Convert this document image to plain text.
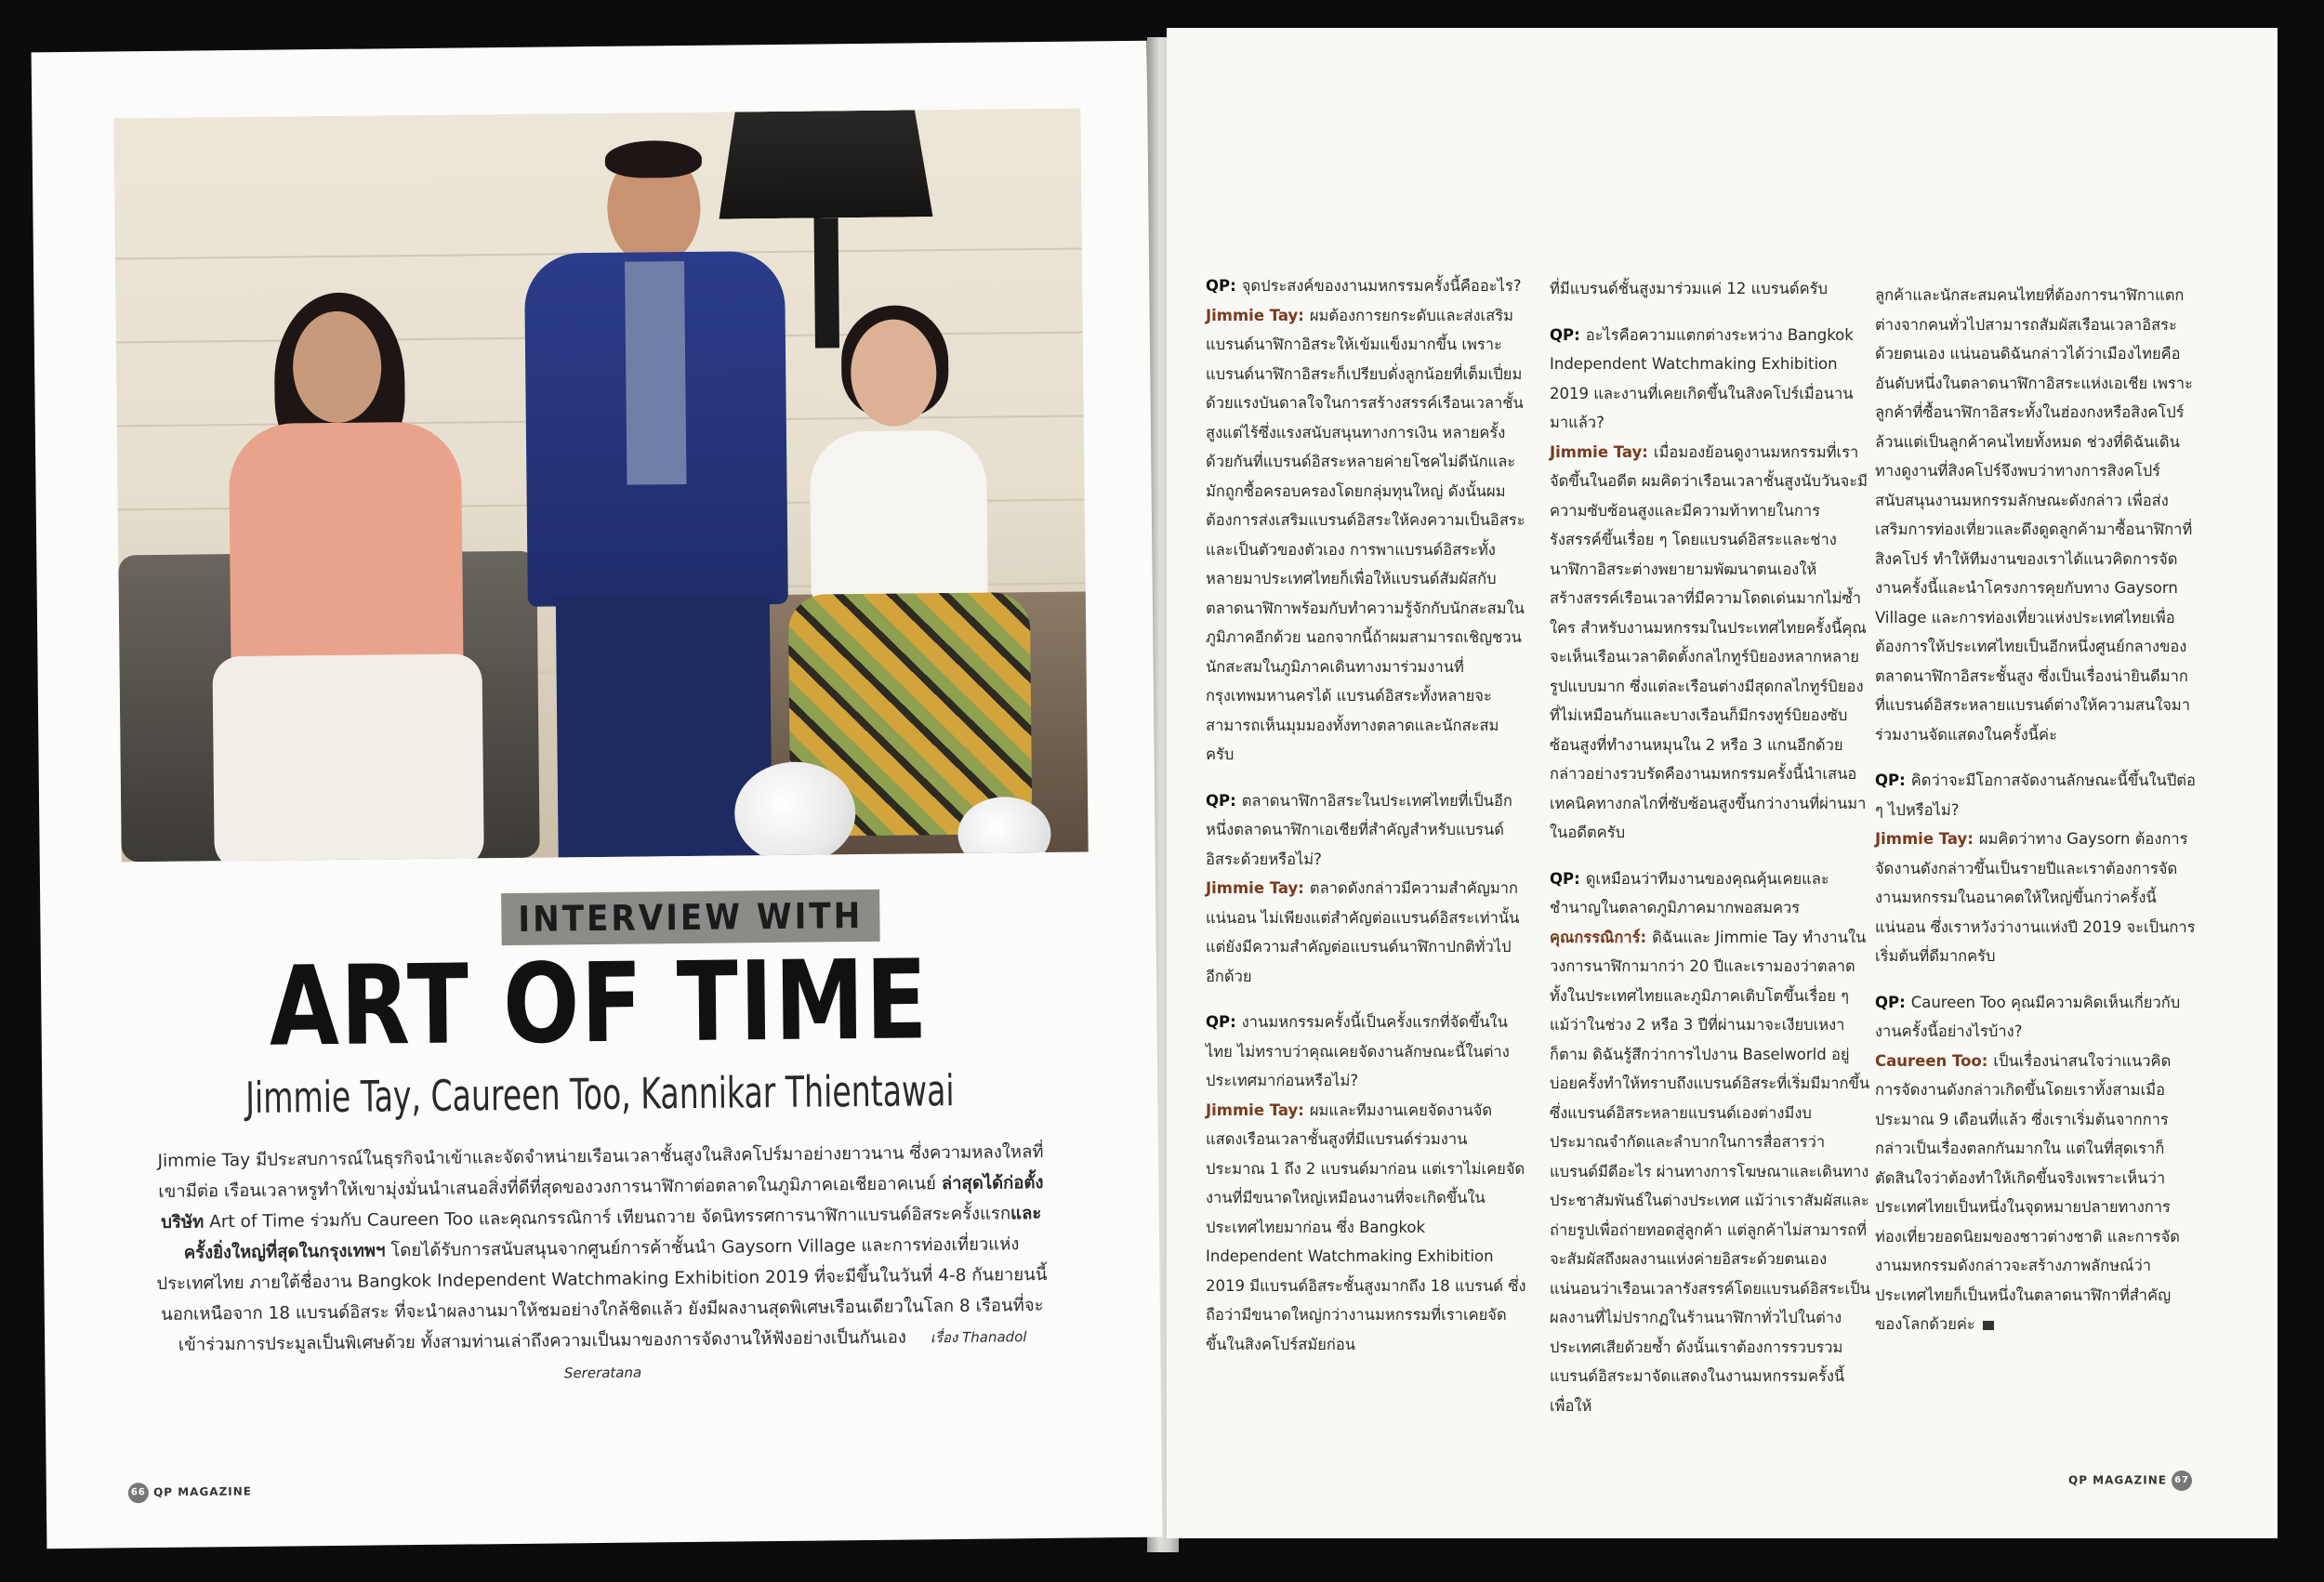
INTERVIEW WITH
ART OF TIME
Jimmie Tay, Caureen Too, Kannikar Thientawai
Jimmie Tay มีประสบการณ์ในธุรกิจนำเข้าและจัดจำหน่ายเรือนเวลาชั้นสูงในสิงคโปร์มาอย่างยาวนาน ซึ่งความหลงใหลที่เขามีต่อ เรือนเวลาหรูทำให้เขามุ่งมั่นนำเสนอสิ่งที่ดีที่สุดของวงการนาฬิกาต่อตลาดในภูมิภาคเอเชียอาคเนย์ ล่าสุดได้ก่อตั้งบริษัท Art of Time ร่วมกับ Caureen Too และคุณกรรณิการ์ เทียนถวาย จัดนิทรรศการนาฬิกาแบรนด์อิสระครั้งแรกและครั้งยิ่งใหญ่ที่สุดในกรุงเทพฯ โดยได้รับการสนับสนุนจากศูนย์การค้าชั้นนำ Gaysorn Village และการท่องเที่ยวแห่งประเทศไทย ภายใต้ชื่องาน Bangkok Independent Watchmaking Exhibition 2019 ที่จะมีขึ้นในวันที่ 4-8 กันยายนนี้ นอกเหนือจาก 18 แบรนด์อิสระ ที่จะนำผลงานมาให้ชมอย่างใกล้ชิดแล้ว ยังมีผลงานสุดพิเศษเรือนเดียวในโลก 8 เรือนที่จะเข้าร่วมการประมูลเป็นพิเศษด้วย ทั้งสามท่านเล่าถึงความเป็นมาของการจัดงานให้ฟังอย่างเป็นกันเอง เรื่อง Thanadol Sereratana
66 QP MAGAZINE
QP: จุดประสงค์ของงานมหกรรมครั้งนี้คืออะไร?
Jimmie Tay: ผมต้องการยกระดับและส่งเสริมแบรนด์นาฬิกาอิสระให้เข้มแข็งมากขึ้น เพราะแบรนด์นาฬิกาอิสระก็เปรียบดั่งลูกน้อยที่เต็มเปี่ยมด้วยแรงบันดาลใจในการสร้างสรรค์เรือนเวลาชั้นสูงแต่ไร้ซึ่งแรงสนับสนุนทางการเงิน หลายครั้งด้วยกันที่แบรนด์อิสระหลายค่ายโชคไม่ดีนักและมักถูกซื้อครอบครองโดยกลุ่มทุนใหญ่ ดังนั้นผมต้องการส่งเสริมแบรนด์อิสระให้คงความเป็นอิสระและเป็นตัวของตัวเอง การพาแบรนด์อิสระทั้งหลายมาประเทศไทยก็เพื่อให้แบรนด์สัมผัสกับตลาดนาฬิกาพร้อมกับทำความรู้จักกับนักสะสมในภูมิภาคอีกด้วย นอกจากนี้ถ้าผมสามารถเชิญชวนนักสะสมในภูมิภาคเดินทางมาร่วมงานที่กรุงเทพมหานครได้ แบรนด์อิสระทั้งหลายจะสามารถเห็นมุมมองทั้งทางตลาดและนักสะสมครับ
QP: ตลาดนาฬิกาอิสระในประเทศไทยที่เป็นอีกหนึ่งตลาดนาฬิกาเอเชียที่สำคัญสำหรับแบรนด์อิสระด้วยหรือไม่?
Jimmie Tay: ตลาดดังกล่าวมีความสำคัญมากแน่นอน ไม่เพียงแต่สำคัญต่อแบรนด์อิสระเท่านั้น แต่ยังมีความสำคัญต่อแบรนด์นาฬิกาปกติทั่วไปอีกด้วย
QP: งานมหกรรมครั้งนี้เป็นครั้งแรกที่จัดขึ้นในไทย ไม่ทราบว่าคุณเคยจัดงานลักษณะนี้ในต่างประเทศมาก่อนหรือไม่?
Jimmie Tay: ผมและทีมงานเคยจัดงานจัดแสดงเรือนเวลาชั้นสูงที่มีแบรนด์ร่วมงานประมาณ 1 ถึง 2 แบรนด์มาก่อน แต่เราไม่เคยจัดงานที่มีขนาดใหญ่เหมือนงานที่จะเกิดขึ้นในประเทศไทยมาก่อน ซึ่ง Bangkok Independent Watchmaking Exhibition 2019 มีแบรนด์อิสระชั้นสูงมากถึง 18 แบรนด์ ซึ่งถือว่ามีขนาดใหญ่กว่างานมหกรรมที่เราเคยจัดขึ้นในสิงคโปร์สมัยก่อน
ที่มีแบรนด์ชั้นสูงมาร่วมแค่ 12 แบรนด์ครับ
QP: อะไรคือความแตกต่างระหว่าง Bangkok Independent Watchmaking Exhibition 2019 และงานที่เคยเกิดขึ้นในสิงคโปร์เมื่อนานมาแล้ว?
Jimmie Tay: เมื่อมองย้อนดูงานมหกรรมที่เราจัดขึ้นในอดีต ผมคิดว่าเรือนเวลาชั้นสูงนับวันจะมีความซับซ้อนสูงและมีความท้าทายในการรังสรรค์ขึ้นเรื่อย ๆ โดยแบรนด์อิสระและช่างนาฬิกาอิสระต่างพยายามพัฒนาตนเองให้สร้างสรรค์เรือนเวลาที่มีความโดดเด่นมากไม่ซ้ำใคร สำหรับงานมหกรรมในประเทศไทยครั้งนี้คุณจะเห็นเรือนเวลาติดตั้งกลไกทูร์บิยองหลากหลายรูปแบบมาก ซึ่งแต่ละเรือนต่างมีสุดกลไกทูร์บิยองที่ไม่เหมือนกันและบางเรือนก็มีกรงทูร์บิยองซับซ้อนสูงที่ทำงานหมุนใน 2 หรือ 3 แกนอีกด้วย กล่าวอย่างรวบรัดคืองานมหกรรมครั้งนี้นำเสนอเทคนิคทางกลไกที่ซับซ้อนสูงขึ้นกว่างานที่ผ่านมาในอดีตครับ
QP: ดูเหมือนว่าทีมงานของคุณคุ้นเคยและชำนาญในตลาดภูมิภาคมากพอสมควร
คุณกรรณิการ์: ดิฉันและ Jimmie Tay ทำงานในวงการนาฬิกามากว่า 20 ปีและเรามองว่าตลาดทั้งในประเทศไทยและภูมิภาคเติบโตขึ้นเรื่อย ๆ แม้ว่าในช่วง 2 หรือ 3 ปีที่ผ่านมาจะเงียบเหงาก็ตาม ดิฉันรู้สึกว่าการไปงาน Baselworld อยู่บ่อยครั้งทำให้ทราบถึงแบรนด์อิสระที่เริ่มมีมากขึ้น ซึ่งแบรนด์อิสระหลายแบรนด์เองต่างมีงบประมาณจำกัดและลำบากในการสื่อสารว่าแบรนด์มีดีอะไร ผ่านทางการโฆษณาและเดินทางประชาสัมพันธ์ในต่างประเทศ แม้ว่าเราสัมผัสและถ่ายรูปเพื่อถ่ายทอดสู่ลูกค้า แต่ลูกค้าไม่สามารถที่จะสัมผัสถึงผลงานแห่งค่ายอิสระด้วยตนเอง แน่นอนว่าเรือนเวลารังสรรค์โดยแบรนด์อิสระเป็นผลงานที่ไม่ปรากฏในร้านนาฬิกาทั่วไปในต่างประเทศเสียด้วยซ้ำ ดังนั้นเราต้องการรวบรวมแบรนด์อิสระมาจัดแสดงในงานมหกรรมครั้งนี้ เพื่อให้
ลูกค้าและนักสะสมคนไทยที่ต้องการนาฬิกาแตกต่างจากคนทั่วไปสามารถสัมผัสเรือนเวลาอิสระด้วยตนเอง แน่นอนดิฉันกล่าวได้ว่าเมืองไทยคืออันดับหนึ่งในตลาดนาฬิกาอิสระแห่งเอเชีย เพราะลูกค้าที่ซื้อนาฬิกาอิสระทั้งในฮ่องกงหรือสิงคโปร์ล้วนแต่เป็นลูกค้าคนไทยทั้งหมด ช่วงที่ดิฉันเดินทางดูงานที่สิงคโปร์จึงพบว่าทางการสิงคโปร์สนับสนุนงานมหกรรมลักษณะดังกล่าว เพื่อส่งเสริมการท่องเที่ยวและดึงดูดลูกค้ามาซื้อนาฬิกาที่สิงคโปร์ ทำให้ทีมงานของเราได้แนวคิดการจัดงานครั้งนี้และนำโครงการคุยกับทาง Gaysorn Village และการท่องเที่ยวแห่งประเทศไทยเพื่อต้องการให้ประเทศไทยเป็นอีกหนึ่งศูนย์กลางของตลาดนาฬิกาอิสระชั้นสูง ซึ่งเป็นเรื่องน่ายินดีมากที่แบรนด์อิสระหลายแบรนด์ต่างให้ความสนใจมาร่วมงานจัดแสดงในครั้งนี้ค่ะ
QP: คิดว่าจะมีโอกาสจัดงานลักษณะนี้ขึ้นในปีต่อ ๆ ไปหรือไม่?
Jimmie Tay: ผมคิดว่าทาง Gaysorn ต้องการจัดงานดังกล่าวขึ้นเป็นรายปีและเราต้องการจัดงานมหกรรมในอนาคตให้ใหญ่ขึ้นกว่าครั้งนี้แน่นอน ซึ่งเราหวังว่างานแห่งปี 2019 จะเป็นการเริ่มต้นที่ดีมากครับ
QP: Caureen Too คุณมีความคิดเห็นเกี่ยวกับงานครั้งนี้อย่างไรบ้าง?
Caureen Too: เป็นเรื่องน่าสนใจว่าแนวคิดการจัดงานดังกล่าวเกิดขึ้นโดยเราทั้งสามเมื่อประมาณ 9 เดือนที่แล้ว ซึ่งเราเริ่มต้นจากการกล่าวเป็นเรื่องตลกกันมากใน แต่ในที่สุดเราก็ตัดสินใจว่าต้องทำให้เกิดขึ้นจริงเพราะเห็นว่าประเทศไทยเป็นหนึ่งในจุดหมายปลายทางการท่องเที่ยวยอดนิยมของชาวต่างชาติ และการจัดงานมหกรรมดังกล่าวจะสร้างภาพลักษณ์ว่าประเทศไทยก็เป็นหนึ่งในตลาดนาฬิกาที่สำคัญของโลกด้วยค่ะ
QP MAGAZINE 67
